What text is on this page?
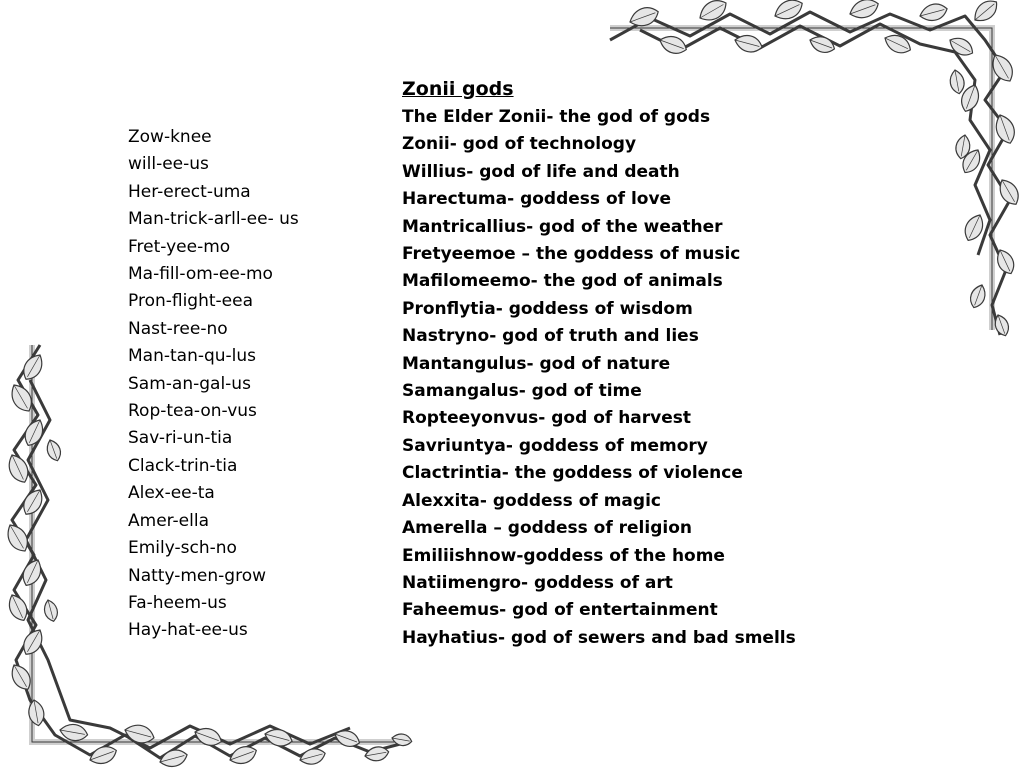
Zow-knee
will-ee-us
Her-erect-uma
Man-trick-arll-ee- us
Fret-yee-mo
Ma-fill-om-ee-mo
Pron-flight-eea
Nast-ree-no
Man-tan-qu-lus
Sam-an-gal-us
Rop-tea-on-vus
Sav-ri-un-tia
Clack-trin-tia
Alex-ee-ta
Amer-ella
Emily-sch-no
Natty-men-grow
Fa-heem-us
Hay-hat-ee-us
Zonii gods
The Elder Zonii- the god of gods
Zonii- god of technology
Willius- god of life and death
Harectuma- goddess of love
Mantricallius- god of the weather
Fretyeemoe – the goddess of music
Mafilomeemo- the god of animals
Pronflytia- goddess of wisdom
Nastryno- god of truth and lies
Mantangulus- god of nature
Samangalus- god of time
Ropteeyonvus- god of harvest
Savriuntya- goddess of memory
Clactrintia- the goddess of violence
Alexxita- goddess of magic
Amerella – goddess of religion
Emiliishnow-goddess of the home
Natiimengro- goddess of art
Faheemus- god of entertainment
Hayhatius- god of sewers and bad smells
